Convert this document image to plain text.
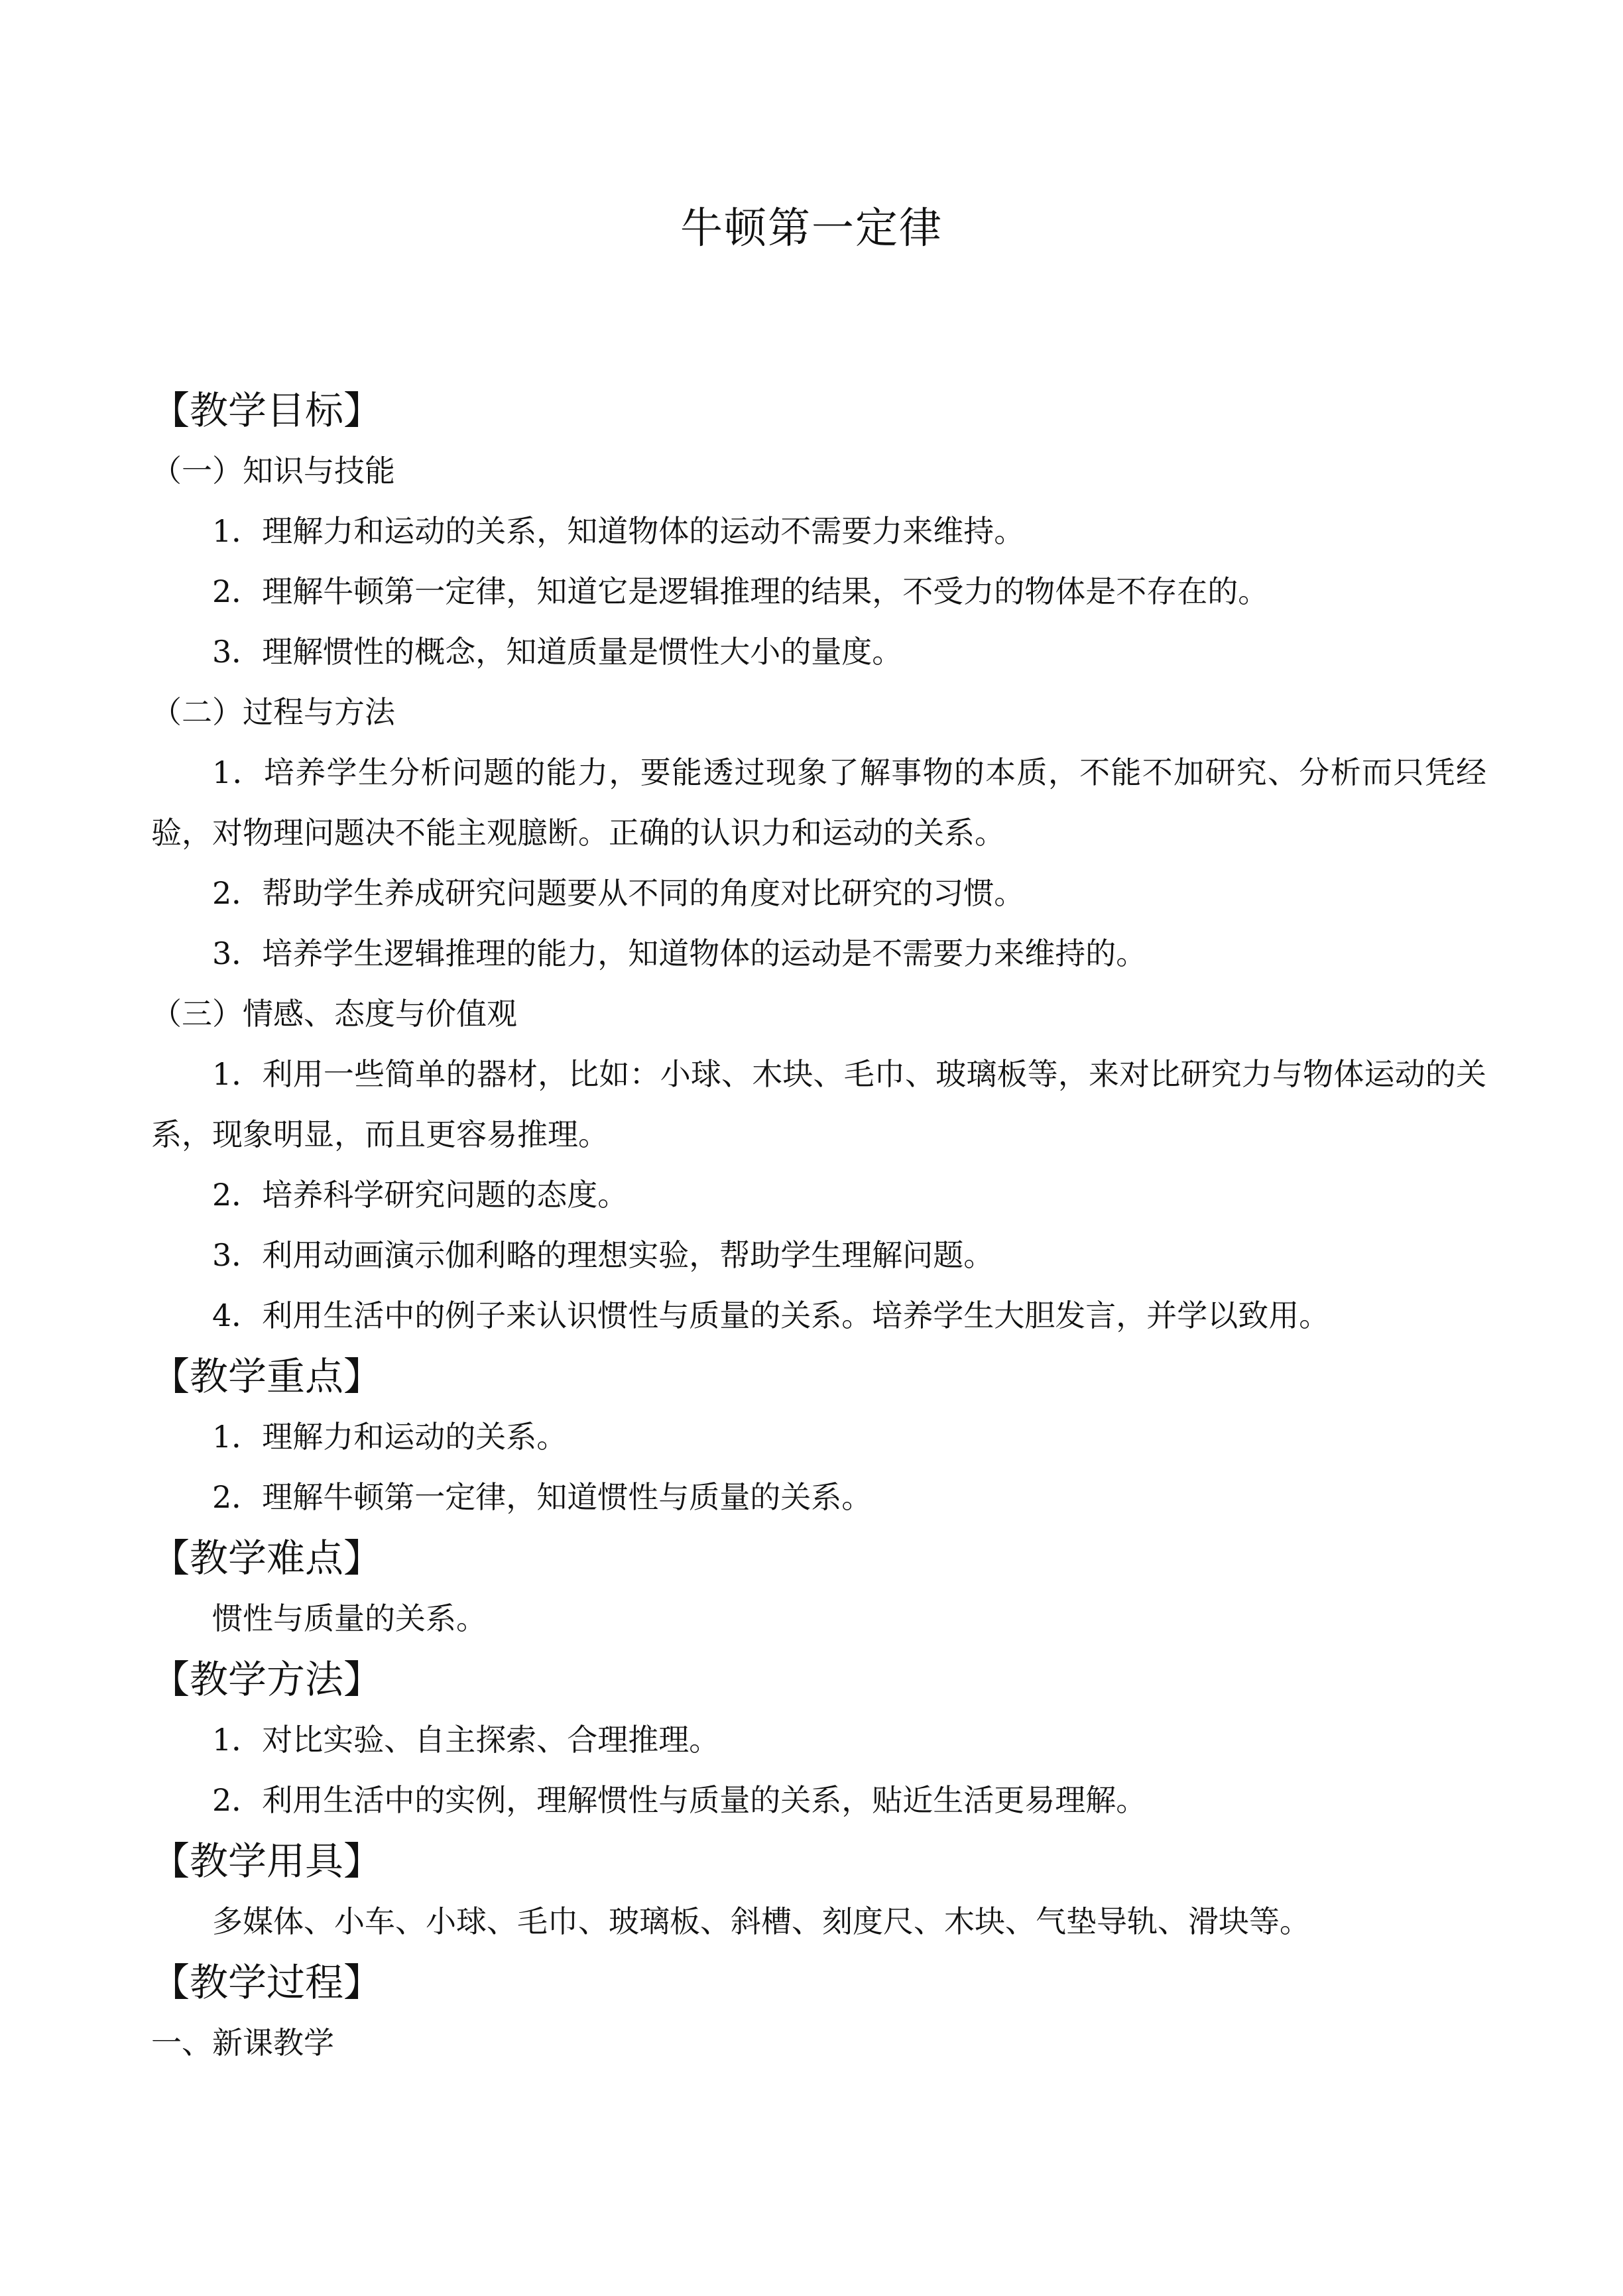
牛顿第一定律
【教学目标】
（一）知识与技能
1．理解力和运动的关系，知道物体的运动不需要力来维持。
2．理解牛顿第一定律，知道它是逻辑推理的结果，不受力的物体是不存在的。
3．理解惯性的概念，知道质量是惯性大小的量度。
（二）过程与方法
1．培养学生分析问题的能力，要能透过现象了解事物的本质，不能不加研究、分析而只凭经验，对物理问题决不能主观臆断。正确的认识力和运动的关系。
2．帮助学生养成研究问题要从不同的角度对比研究的习惯。
3．培养学生逻辑推理的能力，知道物体的运动是不需要力来维持的。
（三）情感、态度与价值观
1．利用一些简单的器材，比如：小球、木块、毛巾、玻璃板等，来对比研究力与物体运动的关系，现象明显，而且更容易推理。
2．培养科学研究问题的态度。
3．利用动画演示伽利略的理想实验，帮助学生理解问题。
4．利用生活中的例子来认识惯性与质量的关系。培养学生大胆发言，并学以致用。
【教学重点】
1．理解力和运动的关系。
2．理解牛顿第一定律，知道惯性与质量的关系。
【教学难点】
惯性与质量的关系。
【教学方法】
1．对比实验、自主探索、合理推理。
2．利用生活中的实例，理解惯性与质量的关系，贴近生活更易理解。
【教学用具】
多媒体、小车、小球、毛巾、玻璃板、斜槽、刻度尺、木块、气垫导轨、滑块等。
【教学过程】
一、新课教学
